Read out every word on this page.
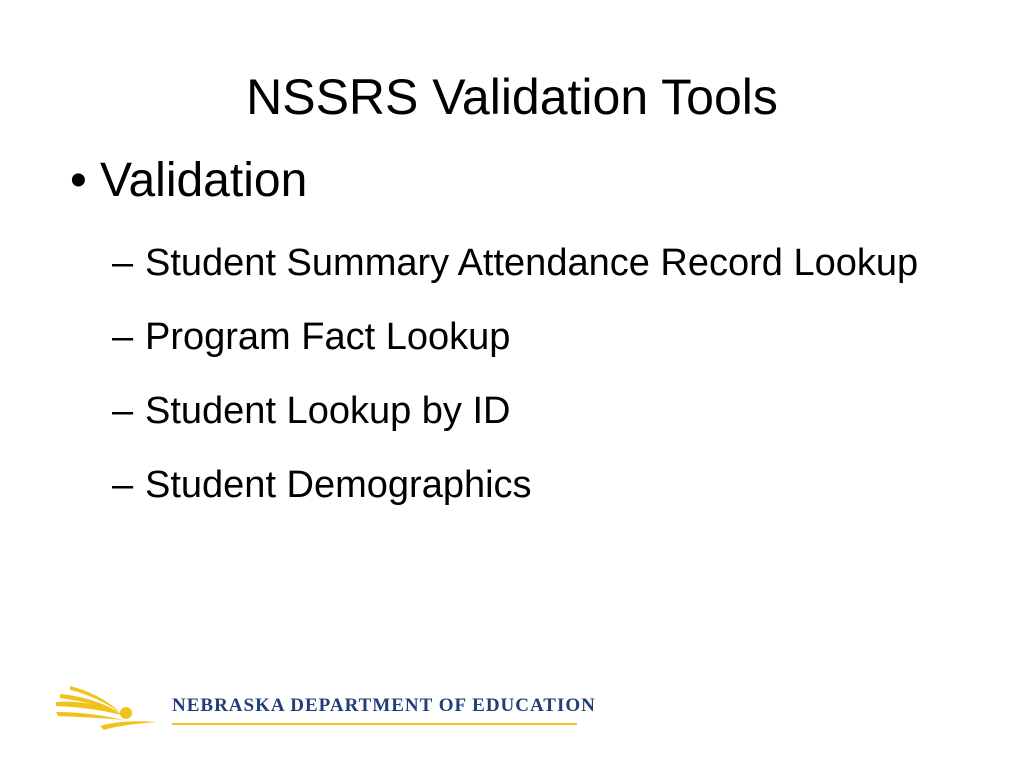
NSSRS Validation Tools
• Validation
– Student Summary Attendance Record Lookup
– Program Fact Lookup
– Student Lookup by ID
– Student Demographics
NEBRASKA DEPARTMENT OF EDUCATION
